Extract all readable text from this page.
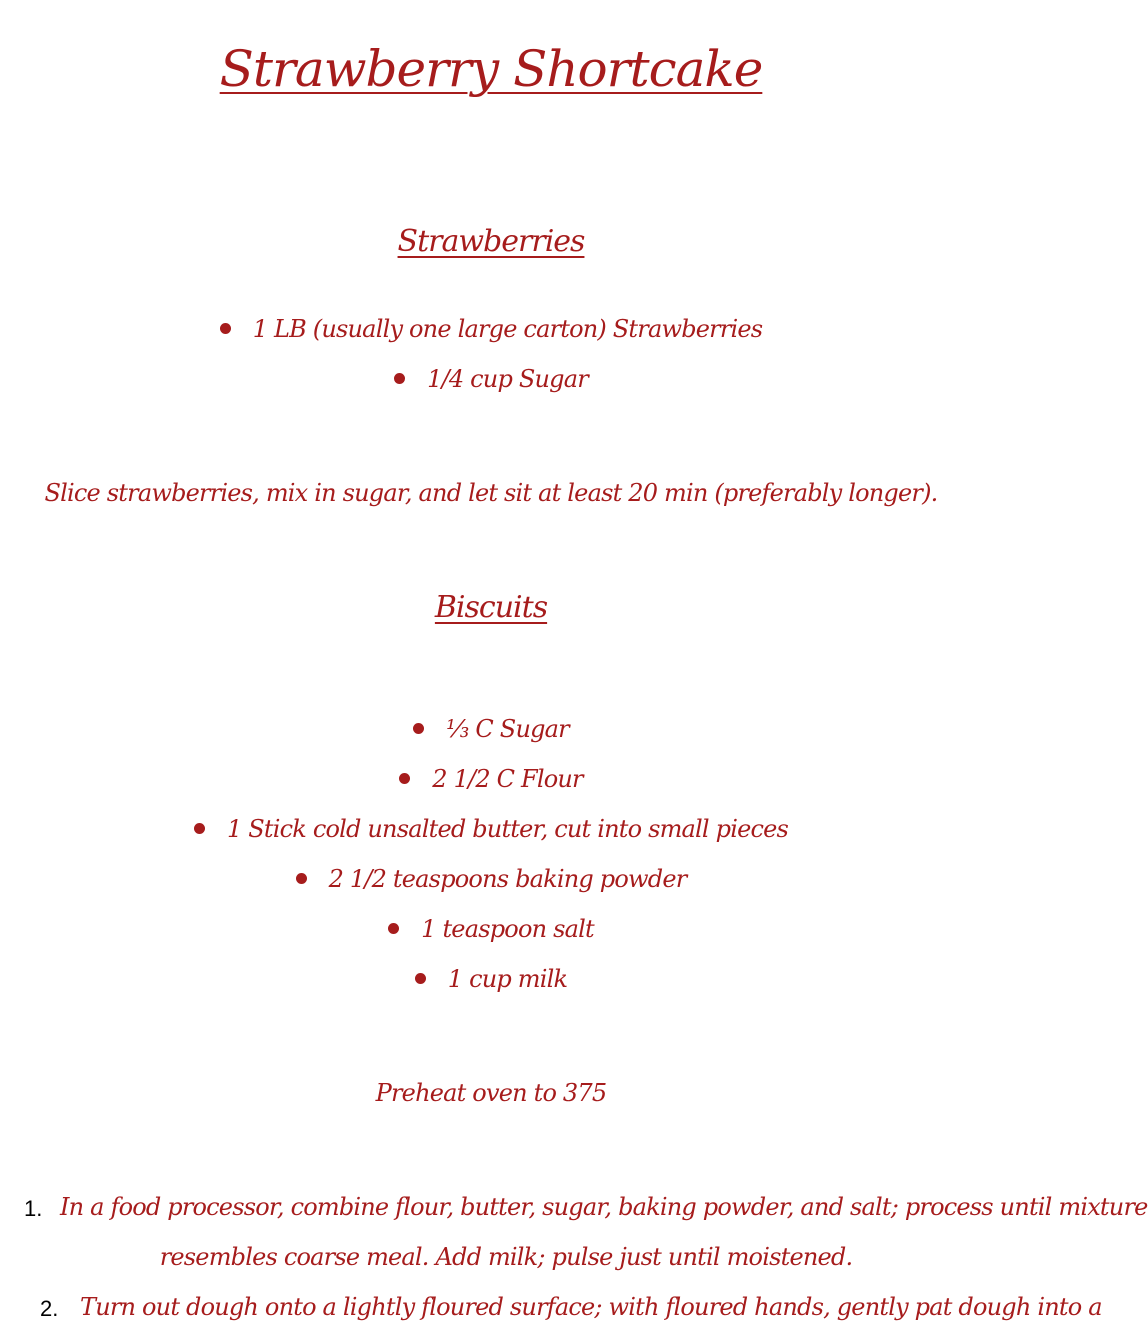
Strawberry Shortcake
Strawberries
1 LB (usually one large carton) Strawberries
1/4 cup Sugar
Slice strawberries, mix in sugar, and let sit at least 20 min (preferably longer).
Biscuits
⅓ C Sugar
2 1/2 C Flour
1 Stick cold unsalted butter, cut into small pieces
2 1/2 teaspoons baking powder
1 teaspoon salt
1 cup milk
Preheat oven to 375
1. In a food processor, combine flour, butter, sugar, baking powder, and salt; process until mixture
resembles coarse meal. Add milk; pulse just until moistened.
2. Turn out dough onto a lightly floured surface; with floured hands, gently pat dough into a
